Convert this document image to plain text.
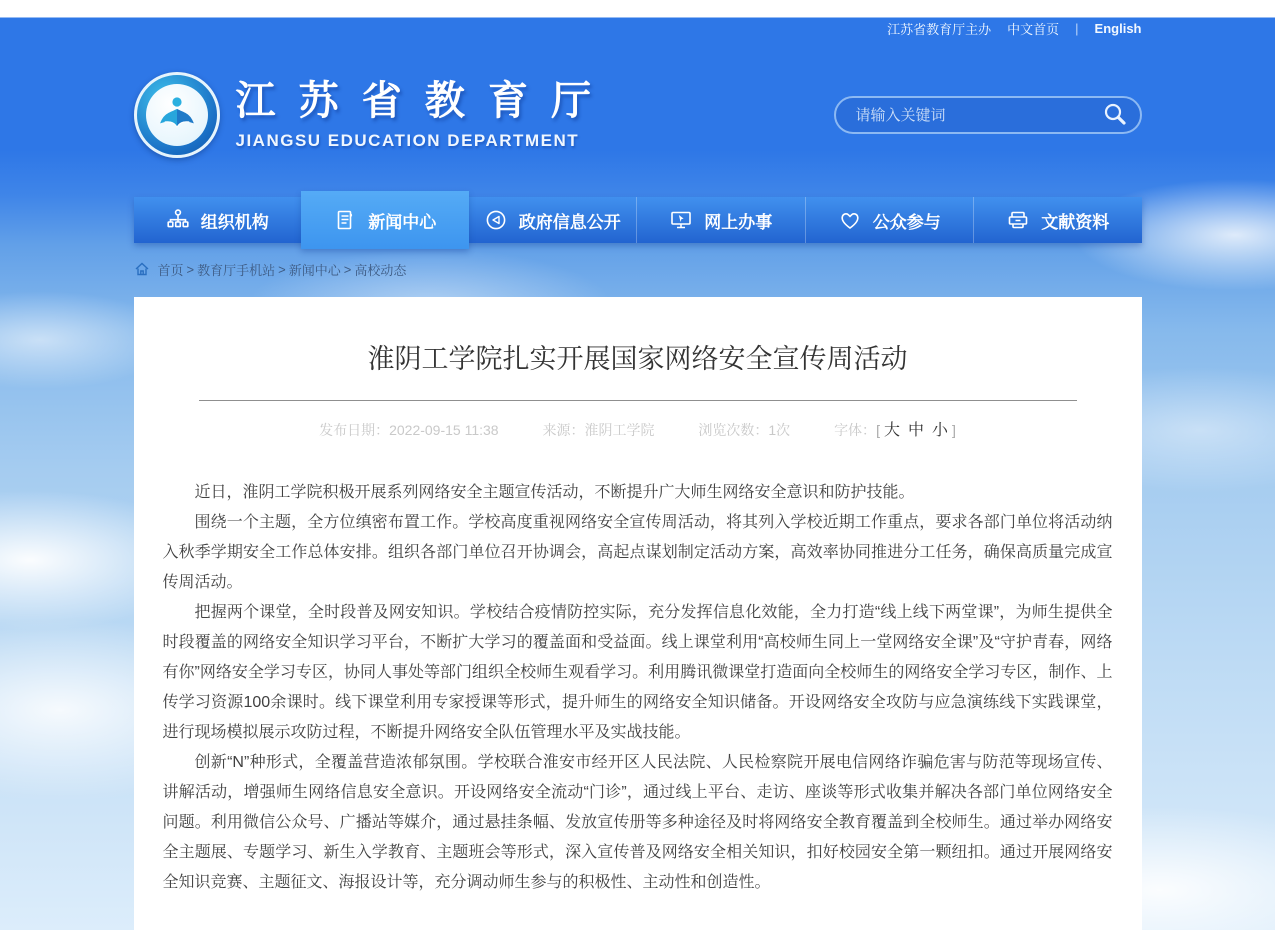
江苏省教育厅主办 中文首页 | English
江 苏 省 教 育 厅
JIANGSU EDUCATION DEPARTMENT
请输入关键词
组织机构	新闻中心	政府信息公开	网上办事	公众参与	文献资料
首页 > 教育厅手机站 > 新闻中心 > 高校动态
淮阴工学院扎实开展国家网络安全宣传周活动
发布日期：2022-09-15 11:38	来源：淮阴工学院	浏览次数：1次	字体：[ 大 中 小 ]

近日，淮阴工学院积极开展系列网络安全主题宣传活动，不断提升广大师生网络安全意识和防护技能。

围绕一个主题，全方位缜密布置工作。学校高度重视网络安全宣传周活动，将其列入学校近期工作重点，要求各部门单位将活动纳入秋季学期安全工作总体安排。组织各部门单位召开协调会，高起点谋划制定活动方案，高效率协同推进分工任务，确保高质量完成宣传周活动。

把握两个课堂，全时段普及网安知识。学校结合疫情防控实际，充分发挥信息化效能，全力打造“线上线下两堂课”，为师生提供全时段覆盖的网络安全知识学习平台，不断扩大学习的覆盖面和受益面。线上课堂利用“高校师生同上一堂网络安全课”及“守护青春，网络有你”网络安全学习专区，协同人事处等部门组织全校师生观看学习。利用腾讯微课堂打造面向全校师生的网络安全学习专区，制作、上传学习资源100余课时。线下课堂利用专家授课等形式，提升师生的网络安全知识储备。开设网络安全攻防与应急演练线下实践课堂，进行现场模拟展示攻防过程，不断提升网络安全队伍管理水平及实战技能。

创新“N”种形式，全覆盖营造浓郁氛围。学校联合淮安市经开区人民法院、人民检察院开展电信网络诈骗危害与防范等现场宣传、讲解活动，增强师生网络信息安全意识。开设网络安全流动“门诊”，通过线上平台、走访、座谈等形式收集并解决各部门单位网络安全问题。利用微信公众号、广播站等媒介，通过悬挂条幅、发放宣传册等多种途径及时将网络安全教育覆盖到全校师生。通过举办网络安全主题展、专题学习、新生入学教育、主题班会等形式，深入宣传普及网络安全相关知识，扣好校园安全第一颗纽扣。通过开展网络安全知识竞赛、主题征文、海报设计等，充分调动师生参与的积极性、主动性和创造性。
